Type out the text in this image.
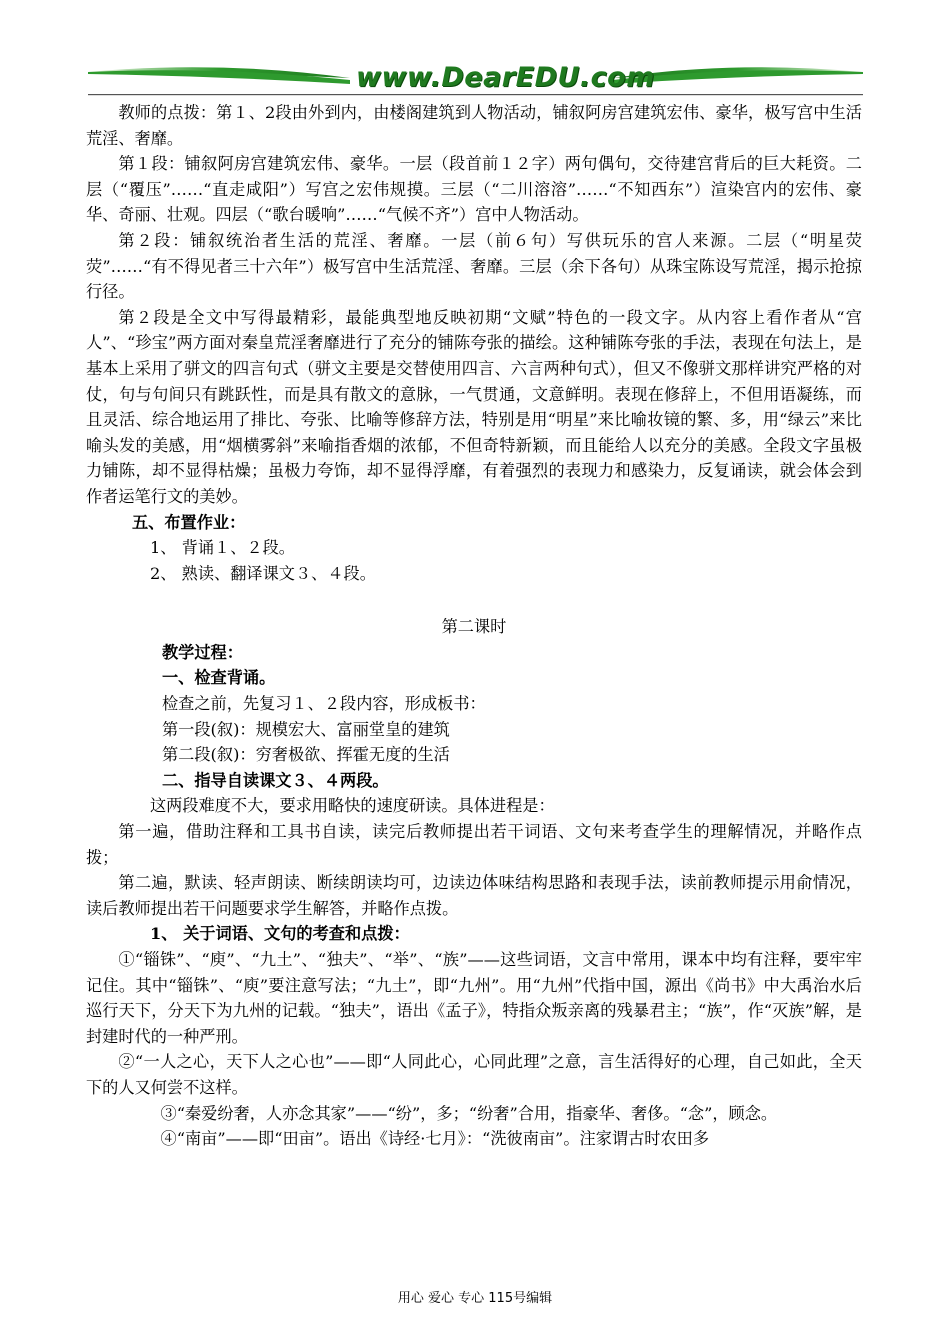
www.DearEDU.com

教师的点拨：第１、2段由外到内，由楼阁建筑到人物活动，铺叙阿房宫建筑宏伟、豪华，极写宫中生活荒淫、奢靡。

第１段：铺叙阿房宫建筑宏伟、豪华。一层（段首前１２字）两句偶句，交待建宫背后的巨大耗资。二层（“覆压”……“直走咸阳”）写宫之宏伟规摸。三层（“二川溶溶”……“不知西东”）渲染宫内的宏伟、豪华、奇丽、壮观。四层（“歌台暖响”……“气候不齐”）宫中人物活动。

第２段：铺叙统治者生活的荒淫、奢靡。一层（前６句）写供玩乐的宫人来源。二层（“明星荧荧”……“有不得见者三十六年”）极写宫中生活荒淫、奢靡。三层（余下各句）从珠宝陈设写荒淫，揭示抢掠行径。

第２段是全文中写得最精彩，最能典型地反映初期“文赋”特色的一段文字。从内容上看作者从“宫人”、“珍宝”两方面对秦皇荒淫奢靡进行了充分的铺陈夸张的描绘。这种铺陈夸张的手法，表现在句法上，是基本上采用了骈文的四言句式（骈文主要是交替使用四言、六言两种句式），但又不像骈文那样讲究严格的对仗，句与句间只有跳跃性，而是具有散文的意脉，一气贯通，文意鲜明。表现在修辞上，不但用语凝练，而且灵活、综合地运用了排比、夸张、比喻等修辞方法，特别是用“明星”来比喻妆镜的繁、多，用“绿云”来比喻头发的美感，用“烟横雾斜”来喻指香烟的浓郁，不但奇特新颖，而且能给人以充分的美感。全段文字虽极力铺陈，却不显得枯燥；虽极力夸饰，却不显得浮靡，有着强烈的表现力和感染力，反复诵读，就会体会到作者运笔行文的美妙。

五、布置作业：

1、 背诵１、２段。

2、 熟读、翻译课文３、４段。

第二课时

教学过程：

一、检查背诵。

检查之前，先复习１、２段内容，形成板书：

第一段(叙)：规模宏大、富丽堂皇的建筑

第二段(叙)：穷奢极欲、挥霍无度的生活

二、指导自读课文３、４两段。

这两段难度不大，要求用略快的速度研读。具体进程是：

第一遍，借助注释和工具书自读，读完后教师提出若干词语、文句来考查学生的理解情况，并略作点拨；

第二遍，默读、轻声朗读、断续朗读均可，边读边体味结构思路和表现手法，读前教师提示用俞情况，读后教师提出若干问题要求学生解答，并略作点拨。

1、 关于词语、文句的考查和点拨：

①“锱铢”、“庾”、“九土”、“独夫”、“举”、“族”——这些词语，文言中常用，课本中均有注释，要牢牢记住。其中“锱铢”、“庾”要注意写法；“九土”，即“九州”。用“九州”代指中国，源出《尚书》中大禹治水后巡行天下，分天下为九州的记载。“独夫”，语出《孟子》，特指众叛亲离的残暴君主；“族”，作“灭族”解，是封建时代的一种严刑。

②“一人之心，天下人之心也”——即“人同此心，心同此理”之意，言生活得好的心理，自己如此，全天下的人又何尝不这样。

③“秦爱纷奢，人亦念其家”——“纷”，多；“纷奢”合用，指豪华、奢侈。“念”，顾念。

④“南亩”——即“田亩”。语出《诗经·七月》：“洗彼南亩”。注家谓古时农田多

用心 爱心 专心 115号编辑
